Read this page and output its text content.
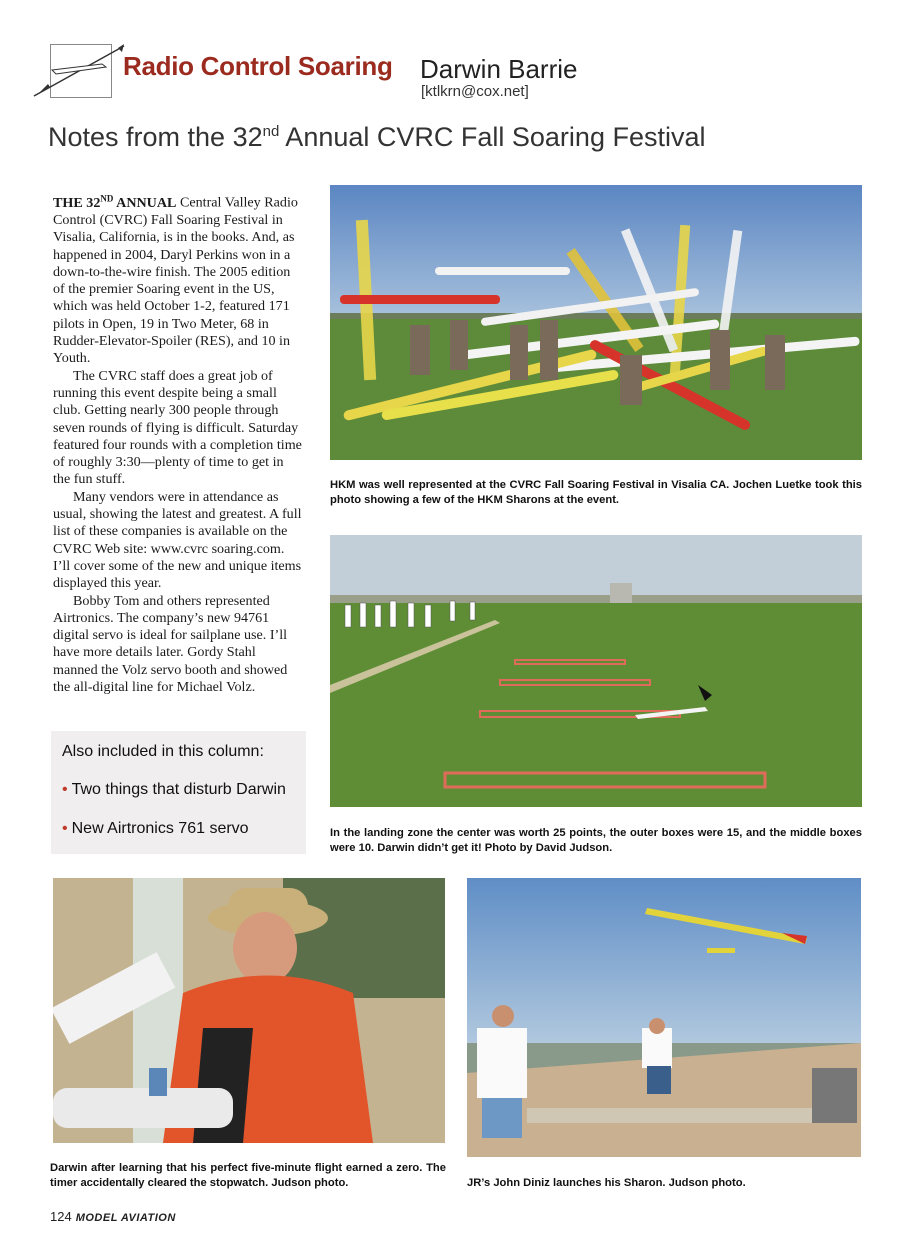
Radio Control Soaring Darwin Barrie
[ktlkrn@cox.net]
Notes from the 32nd Annual CVRC Fall Soaring Festival

THE 32ND ANNUAL Central Valley Radio Control (CVRC) Fall Soaring Festival in Visalia, California, is in the books. And, as happened in 2004, Daryl Perkins won in a down-to-the-wire finish. The 2005 edition of the premier Soaring event in the US, which was held October 1-2, featured 171 pilots in Open, 19 in Two Meter, 68 in Rudder-Elevator-Spoiler (RES), and 10 in Youth.

The CVRC staff does a great job of running this event despite being a small club. Getting nearly 300 people through seven rounds of flying is difficult. Saturday featured four rounds with a completion time of roughly 3:30—plenty of time to get in the fun stuff.

Many vendors were in attendance as usual, showing the latest and greatest. A full list of these companies is available on the CVRC Web site: www.cvrc soaring.com. I’ll cover some of the new and unique items displayed this year.

Bobby Tom and others represented Airtronics. The company’s new 94761 digital servo is ideal for sailplane use. I’ll have more details later. Gordy Stahl manned the Volz servo booth and showed the all-digital line for Michael Volz.

Also included in this column:
• Two things that disturb Darwin
• New Airtronics 761 servo
HKM was well represented at the CVRC Fall Soaring Festival in Visalia CA. Jochen Luetke took this photo showing a few of the HKM Sharons at the event.
In the landing zone the center was worth 25 points, the outer boxes were 15, and the middle boxes were 10. Darwin didn’t get it! Photo by David Judson.
Darwin after learning that his perfect five-minute flight earned a zero. The timer accidentally cleared the stopwatch. Judson photo.	JR’s John Diniz launches his Sharon. Judson photo.
124 MODEL AVIATION
